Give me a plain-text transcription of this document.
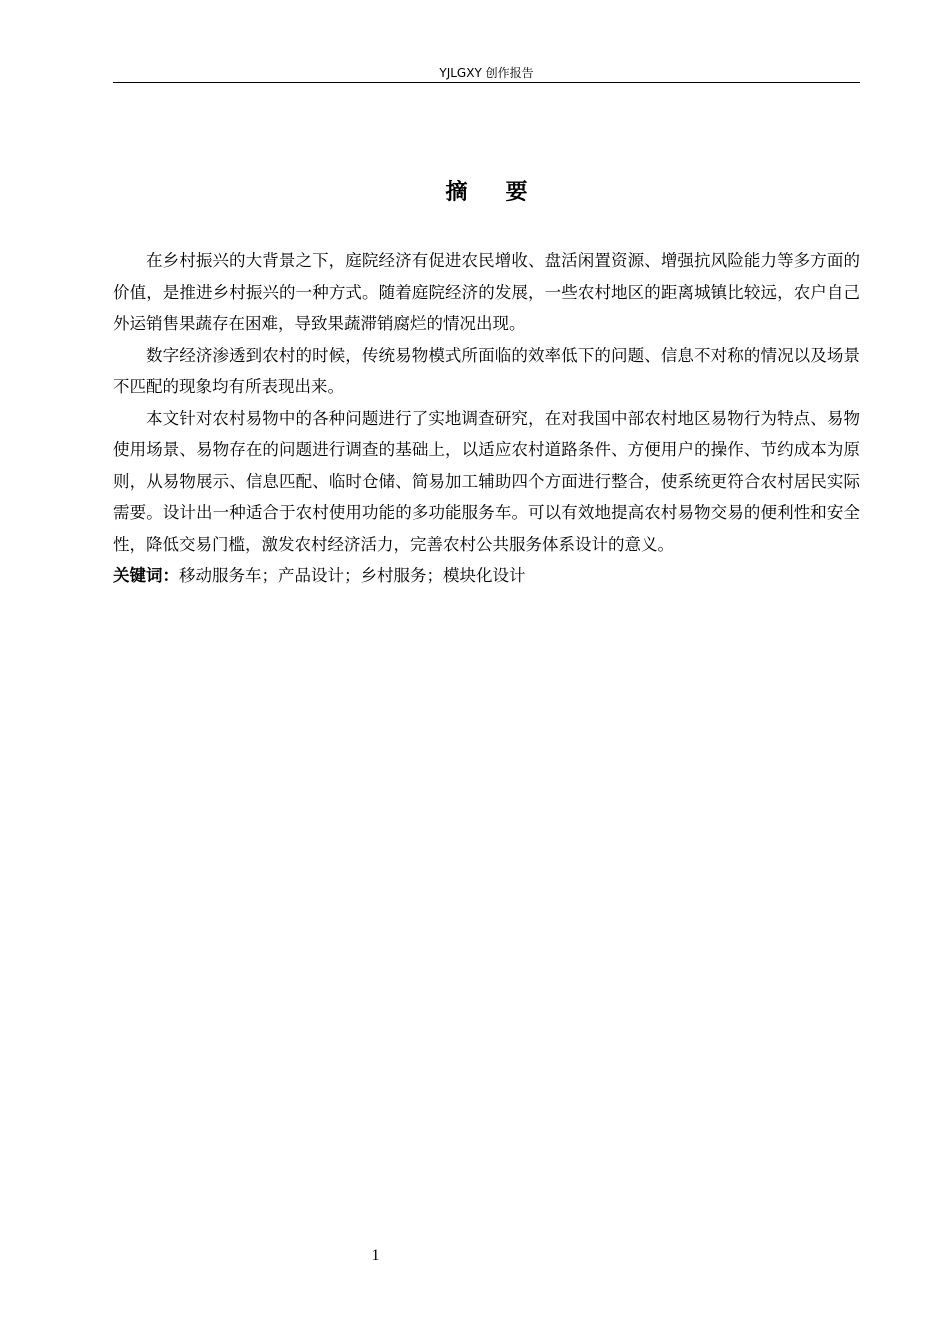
YJLGXY 创作报告
摘要

在乡村振兴的大背景之下，庭院经济有促进农民增收、盘活闲置资源、增强抗风险能力等多方面的价值，是推进乡村振兴的一种方式。随着庭院经济的发展，一些农村地区的距离城镇比较远，农户自己外运销售果蔬存在困难，导致果蔬滞销腐烂的情况出现。

数字经济渗透到农村的时候，传统易物模式所面临的效率低下的问题、信息不对称的情况以及场景不匹配的现象均有所表现出来。

本文针对农村易物中的各种问题进行了实地调查研究，在对我国中部农村地区易物行为特点、易物使用场景、易物存在的问题进行调查的基础上，以适应农村道路条件、方便用户的操作、节约成本为原则，从易物展示、信息匹配、临时仓储、简易加工辅助四个方面进行整合，使系统更符合农村居民实际需要。设计出一种适合于农村使用功能的多功能服务车。可以有效地提高农村易物交易的便利性和安全性，降低交易门槛，激发农村经济活力，完善农村公共服务体系设计的意义。

关键词：移动服务车；产品设计；乡村服务；模块化设计
1
